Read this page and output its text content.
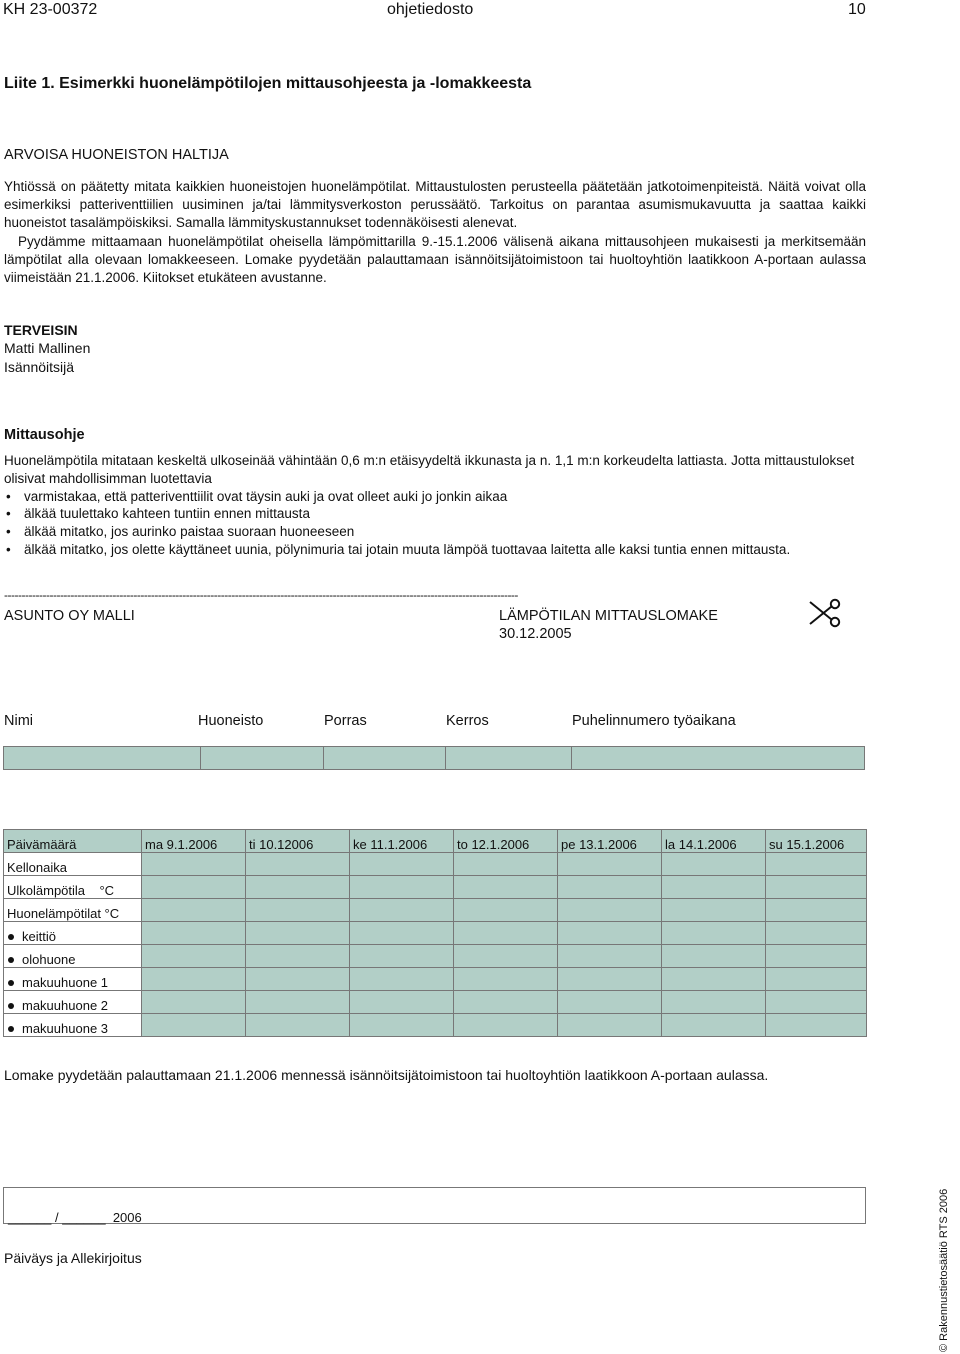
KH 23-00372	ohjetiedosto	10
Liite 1. Esimerkki huonelämpötilojen mittausohjeesta ja -lomakkeesta
ARVOISA HUONEISTON HALTIJA

Yhtiössä on päätetty mitata kaikkien huoneistojen huonelämpötilat. Mittaustulosten perusteella päätetään jatkotoimenpiteistä. Näitä voivat olla esimerkiksi patteriventtiilien uusiminen ja/tai lämmitysverkoston perussäätö. Tarkoitus on parantaa asumismukavuutta ja saattaa kaikki huoneistot tasalämpöiskiksi. Samalla lämmityskustannukset todennäköisesti alenevat.

Pyydämme mittaamaan huonelämpötilat oheisella lämpömittarilla 9.-15.1.2006 välisenä aikana mittausohjeen mukaisesti ja merkitsemään lämpötilat alla olevaan lomakkeeseen. Lomake pyydetään palauttamaan isännöitsijätoimistoon tai huoltoyhtiön laatikkoon A-portaan aulassa viimeistään 21.1.2006. Kiitokset etukäteen avustanne.

TERVEISIN
Matti Mallinen
Isännöitsijä
Mittausohje

Huonelämpötila mitataan keskeltä ulkoseinää vähintään 0,6 m:n etäisyydeltä ikkunasta ja n. 1,1 m:n korkeudelta lattiasta. Jotta mittaustulokset olisivat mahdollisimman luotettavia

• varmistakaa, että patteriventtiilit ovat täysin auki ja ovat olleet auki jo jonkin aikaa
• älkää tuulettako kahteen tuntiin ennen mittausta
• älkää mitatko, jos aurinko paistaa suoraan huoneeseen
• älkää mitatko, jos olette käyttäneet uunia, pölynimuria tai jotain muuta lämpöä tuottavaa laitetta alle kaksi tuntia ennen mittausta.
---------------------------------------------------------------------------------------------------------------------------------------------------
ASUNTO OY MALLI	LÄMPÖTILAN MITTAUSLOMAKE
30.12.2005
Nimi	Huoneisto	Porras	Kerros	Puhelinnumero työaikana
Päivämäärä	ma 9.1.2006	ti 10.12006	ke 11.1.2006	to 12.1.2006	pe 13.1.2006	la 14.1.2006	su 15.1.2006
Kellonaika							
Ulkolämpötila    °C							
Huonelämpötilat °C							
keittiö							
olohuone							
makuuhuone 1							
makuuhuone 2							
makuuhuone 3							
Lomake pyydetään palauttamaan 21.1.2006 mennessä isännöitsijätoimistoon tai huoltoyhtiön laatikkoon A-portaan aulassa.
______ / ______  2006
Päiväys ja Allekirjoitus	© Rakennustietosäätiö RTS 2006
